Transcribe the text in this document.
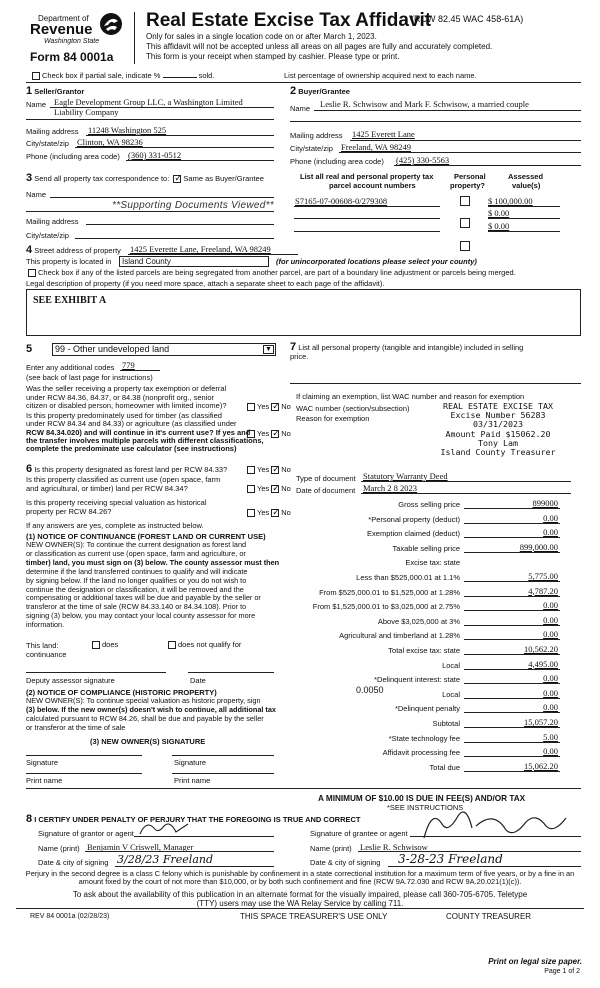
Department of
Revenue
Washington State
Form 84 0001a
Real Estate Excise Tax Affidavit
(RCW 82.45 WAC 458-61A)
Only for sales in a single location code on or after March 1, 2023.
This affidavit will not be accepted unless all areas on all pages are fully and accurately completed.
This form is your receipt when stamped by cashier. Please type or print.
Check box if partial sale, indicate %	sold.	List percentage of ownership acquired next to each name.
1 Seller/Grantor
Name Eagle Development Group LLC, a Washington Limited
Liability Company
Mailing address 11248 Washington 525
City/state/zip Clinton, WA 98236
Phone (including area code) (360) 331-0512
2 Buyer/Grantee
Name Leslie R. Schwisow and Mark F. Schwisow, a married couple
Mailing address 1425 Everett Lane
City/state/zip Freeland, WA 98249
Phone (including area code) (425) 330-5563
3 Send all property tax correspondence to: ✓ Same as Buyer/Grantee
Name
**Supporting Documents Viewed**
Mailing address
City/state/zip
List all real and personal property tax
parcel account numbers
Personal
property?
Assessed
value(s)
S7165-07-00608-0/279308	$ 100,000.00
$ 0.00
$ 0.00
4 Street address of property 1425 Everette Lane, Freeland, WA 98249
This property is located in	Island County	(for unincorporated locations please select your county)
Check box if any of the listed parcels are being segregated from another parcel, are part of a boundary line adjustment or parcels being merged.
Legal description of property (if you need more space, attach a separate sheet to each page of the affidavit).
SEE EXHIBIT A
5	99 - Other undeveloped land	▼
Enter any additional codes 779
(see back of last page for instructions)
Was the seller receiving a property tax exemption or deferral
under RCW 84.36, 84.37, or 84.38 (nonprofit org., senior
citizen or disabled person, homeowner with limited income)?	Yes ✓ No
Is this property predominately used for timber (as classified
under RCW 84.34 and 84.33) or agriculture (as classified under
RCW 84.34.020) and will continue in it's current use? If yes and
the transfer involves multiple parcels with different classifications,
complete the predominate use calculator (see instructions)
Yes ✓ No
6 Is this property designated as forest land per RCW 84.33?	Yes ✓ No
Is this property classified as current use (open space, farm
and agricultural, or timber) land per RCW 84.34?	Yes ✓ No
Is this property receiving special valuation as historical
property per RCW 84.26?	Yes ✓ No
If any answers are yes, complete as instructed below.
(1) NOTICE OF CONTINUANCE (FOREST LAND OR CURRENT USE)
NEW OWNER(S): To continue the current designation as forest land
or classification as current use (open space, farm and agriculture, or
timber) land, you must sign on (3) below. The county assessor must then
determine if the land transferred continues to qualify and will indicate
by signing below. If the land no longer qualifies or you do not wish to
continue the designation or classification, it will be removed and the
compensating or additional taxes will be due and payable by the seller or
transferor at the time of sale (RCW 84.33.140 or 84.34.108). Prior to
signing (3) below, you may contact your local county assessor for more
information.
This land:
continuance
does	does not qualify for
Deputy assessor signature	Date
(2) NOTICE OF COMPLIANCE (HISTORIC PROPERTY)
NEW OWNER(S): To continue special valuation as historic property, sign
(3) below. If the new owner(s) doesn't wish to continue, all additional tax
calculated pursuant to RCW 84.26, shall be due and payable by the seller
or transferor at the time of sale
(3) NEW OWNER(S) SIGNATURE
Signature	Signature
Print name	Print name
7 List all personal property (tangible and intangible) included in selling
price.
If claiming an exemption, list WAC number and reason for exemption
WAC number (section/subsection)
Reason for exemption
REAL ESTATE EXCISE TAX
Excise Number 56283
03/31/2023
Amount Paid $15062.20
Tony Lam
Island County Treasurer
Type of document Statutory Warranty Deed
Date of document March 2 8 2023
Gross selling price	899000
*Personal property (deduct)	0.00
Exemption claimed (deduct)	0.00
Taxable selling price	899,000.00
Excise tax: state
Less than $525,000.01 at 1.1%	5,775.00
From $525,000.01 to $1,525,000 at 1.28%	4,787.20
From $1,525,000.01 to $3,025,000 at 2.75%	0.00
Above $3,025,000 at 3%	0.00
Agricultural and timberland at 1.28%	0.00
Total excise tax: state	10,562.20
Local	4,495.00
*Delinquent interest: state	0.00
Local	0.00
*Delinquent penalty	0.00
Subtotal	15,057.20
*State technology fee	5.00
Affidavit processing fee	0.00
Total due	15,062.20
0.0050
A MINIMUM OF $10.00 IS DUE IN FEE(S) AND/OR TAX
*SEE INSTRUCTIONS
8 I CERTIFY UNDER PENALTY OF PERJURY THAT THE FOREGOING IS TRUE AND CORRECT
Signature of grantor or agent
Name (print) Benjamin V Criswell, Manager
Date & city of signing 3/28/23 Freeland
Signature of grantee or agent
Name (print) Leslie R. Schwisow
Date & city of signing 3-28-23 Freeland
Perjury in the second degree is a class C felony which is punishable by confinement in a state correctional institution for a maximum term of five years, or by a fine in an amount fixed by the court of not more than $10,000, or by both such confinement and fine (RCW 9A.72.030 and RCW 9A.20.021(1)(c)).
To ask about the availability of this publication in an alternate format for the visually impaired, please call 360-705-6705. Teletype
(TTY) users may use the WA Relay Service by calling 711.
REV 84 0001a (02/28/23)	THIS SPACE TREASURER'S USE ONLY	COUNTY TREASURER
Print on legal size paper.
Page 1 of 2
